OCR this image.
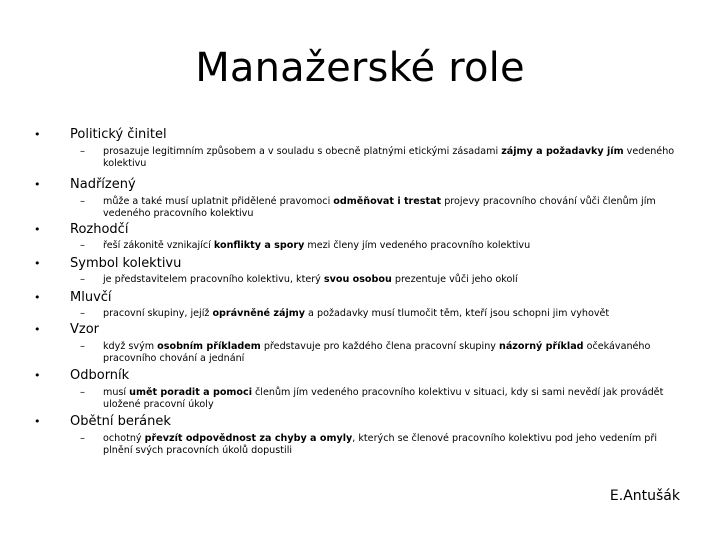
Manažerské role
• Politický činitel
– prosazuje legitimním způsobem a v souladu s obecně platnými etickými zásadami zájmy a požadavky jím vedeného kolektivu
• Nadřízený
– může a také musí uplatnit přidělené pravomoci odměňovat i trestat projevy pracovního chování vůči členům jím vedeného pracovního kolektivu
• Rozhodčí
– řeší zákonitě vznikající konflikty a spory mezi členy jím vedeného pracovního kolektivu
• Symbol kolektivu
– je představitelem pracovního kolektivu, který svou osobou prezentuje vůči jeho okolí
• Mluvčí
– pracovní skupiny, jejíž oprávněné zájmy a požadavky musí tlumočit těm, kteří jsou schopni jim vyhovět
• Vzor
– když svým osobním příkladem představuje pro každého člena pracovní skupiny názorný příklad očekávaného pracovního chování a jednání
• Odborník
– musí umět poradit a pomoci členům jím vedeného pracovního kolektivu v situaci, kdy si sami nevědí jak provádět uložené pracovní úkoly
• Obětní beránek
– ochotný převzít odpovědnost za chyby a omyly, kterých se členové pracovního kolektivu pod jeho vedením při plnění svých pracovních úkolů dopustili
E.Antušák
